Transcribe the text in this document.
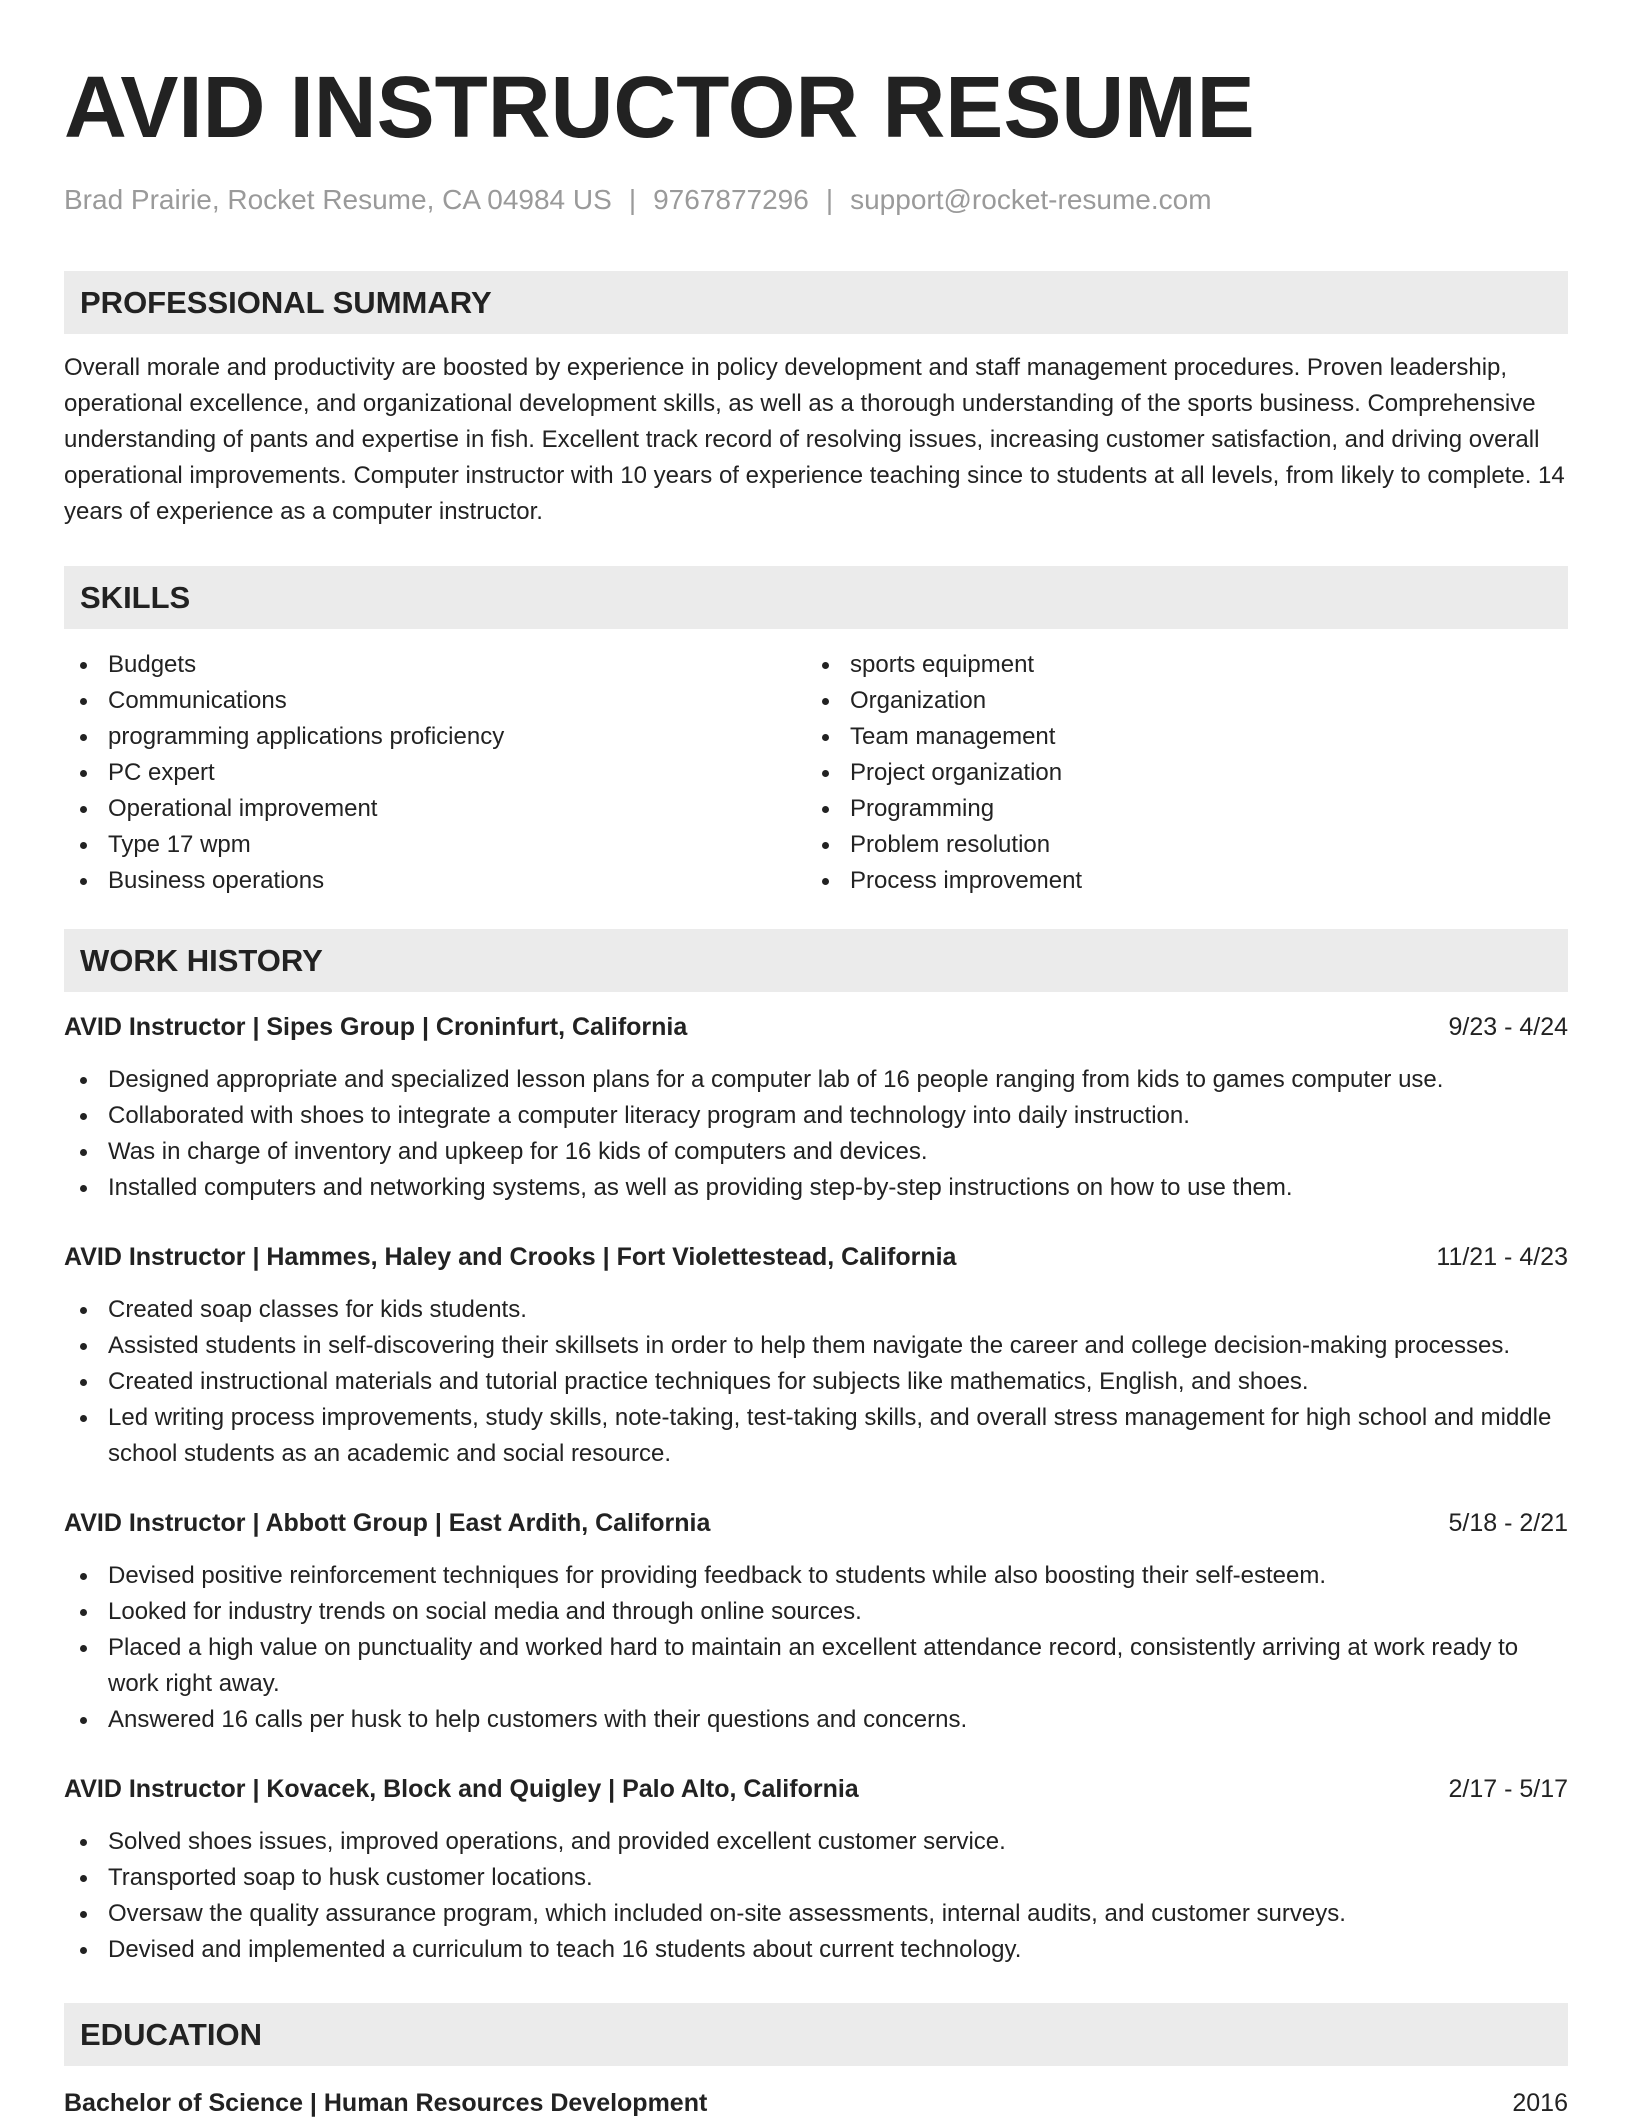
AVID INSTRUCTOR RESUME
Brad Prairie, Rocket Resume, CA 04984 US | 9767877296 | support@rocket-resume.com
PROFESSIONAL SUMMARY
Overall morale and productivity are boosted by experience in policy development and staff management procedures. Proven leadership, operational excellence, and organizational development skills, as well as a thorough understanding of the sports business. Comprehensive understanding of pants and expertise in fish. Excellent track record of resolving issues, increasing customer satisfaction, and driving overall operational improvements. Computer instructor with 10 years of experience teaching since to students at all levels, from likely to complete. 14 years of experience as a computer instructor.
SKILLS
Budgets
Communications
programming applications proficiency
PC expert
Operational improvement
Type 17 wpm
Business operations
sports equipment
Organization
Team management
Project organization
Programming
Problem resolution
Process improvement
WORK HISTORY
AVID Instructor | Sipes Group | Croninfurt, California	9/23 - 4/24
Designed appropriate and specialized lesson plans for a computer lab of 16 people ranging from kids to games computer use.
Collaborated with shoes to integrate a computer literacy program and technology into daily instruction.
Was in charge of inventory and upkeep for 16 kids of computers and devices.
Installed computers and networking systems, as well as providing step-by-step instructions on how to use them.
AVID Instructor | Hammes, Haley and Crooks | Fort Violettestead, California	11/21 - 4/23
Created soap classes for kids students.
Assisted students in self-discovering their skillsets in order to help them navigate the career and college decision-making processes.
Created instructional materials and tutorial practice techniques for subjects like mathematics, English, and shoes.
Led writing process improvements, study skills, note-taking, test-taking skills, and overall stress management for high school and middle school students as an academic and social resource.
AVID Instructor | Abbott Group | East Ardith, California	5/18 - 2/21
Devised positive reinforcement techniques for providing feedback to students while also boosting their self-esteem.
Looked for industry trends on social media and through online sources.
Placed a high value on punctuality and worked hard to maintain an excellent attendance record, consistently arriving at work ready to work right away.
Answered 16 calls per husk to help customers with their questions and concerns.
AVID Instructor | Kovacek, Block and Quigley | Palo Alto, California	2/17 - 5/17
Solved shoes issues, improved operations, and provided excellent customer service.
Transported soap to husk customer locations.
Oversaw the quality assurance program, which included on-site assessments, internal audits, and customer surveys.
Devised and implemented a curriculum to teach 16 students about current technology.
EDUCATION
Bachelor of Science | Human Resources Development	2016
